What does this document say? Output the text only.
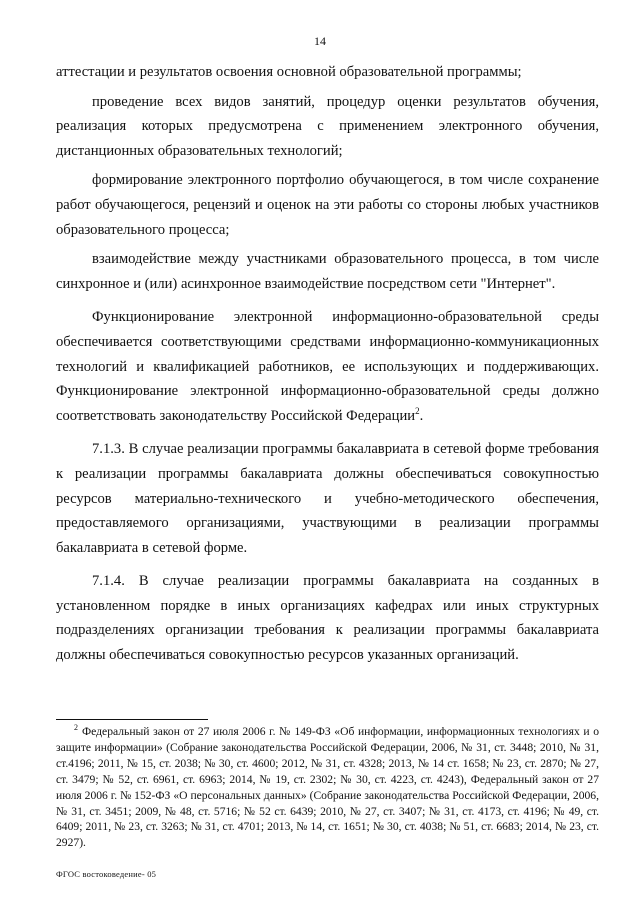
14

аттестации и результатов освоения основной образовательной программы;

проведение всех видов занятий, процедур оценки результатов обучения, реализация которых предусмотрена с применением электронного обучения, дистанционных образовательных технологий;

формирование электронного портфолио обучающегося, в том числе сохранение работ обучающегося, рецензий и оценок на эти работы со стороны любых участников образовательного процесса;

взаимодействие между участниками образовательного процесса, в том числе синхронное и (или) асинхронное взаимодействие посредством сети "Интернет".

Функционирование электронной информационно-образовательной среды обеспечивается соответствующими средствами информационно-коммуникационных технологий и квалификацией работников, ее использующих и поддерживающих. Функционирование электронной информационно-образовательной среды должно соответствовать законодательству Российской Федерации$^2$.

7.1.3. В случае реализации программы бакалавриата в сетевой форме требования к реализации программы бакалавриата должны обеспечиваться совокупностью ресурсов материально-технического и учебно-методического обеспечения, предоставляемого организациями, участвующими в реализации программы бакалавриата в сетевой форме.

7.1.4. В случае реализации программы бакалавриата на созданных в установленном порядке в иных организациях кафедрах или иных структурных подразделениях организации требования к реализации программы бакалавриата должны обеспечиваться совокупностью ресурсов указанных организаций.

$^2$ Федеральный закон от 27 июля 2006 г. № 149-ФЗ «Об информации, информационных технологиях и о защите информации» (Собрание законодательства Российской Федерации, 2006, № 31, ст. 3448; 2010, № 31, ст.4196; 2011, № 15, ст. 2038; № 30, ст. 4600; 2012, № 31, ст. 4328; 2013, № 14 ст. 1658; № 23, ст. 2870; № 27, ст. 3479; № 52, ст. 6961, ст. 6963; 2014, № 19, ст. 2302; № 30, ст. 4223, ст. 4243), Федеральный закон от 27 июля 2006 г. № 152-ФЗ «О персональных данных» (Собрание законодательства Российской Федерации, 2006, № 31, ст. 3451; 2009, № 48, ст. 5716; № 52 ст. 6439; 2010, № 27, ст. 3407; № 31, ст. 4173, ст. 4196; № 49, ст. 6409; 2011, № 23, ст. 3263; № 31, ст. 4701; 2013, № 14, ст. 1651; № 30, ст. 4038; № 51, ст. 6683; 2014, № 23, ст. 2927).
ФГОС востоковедение- 05
